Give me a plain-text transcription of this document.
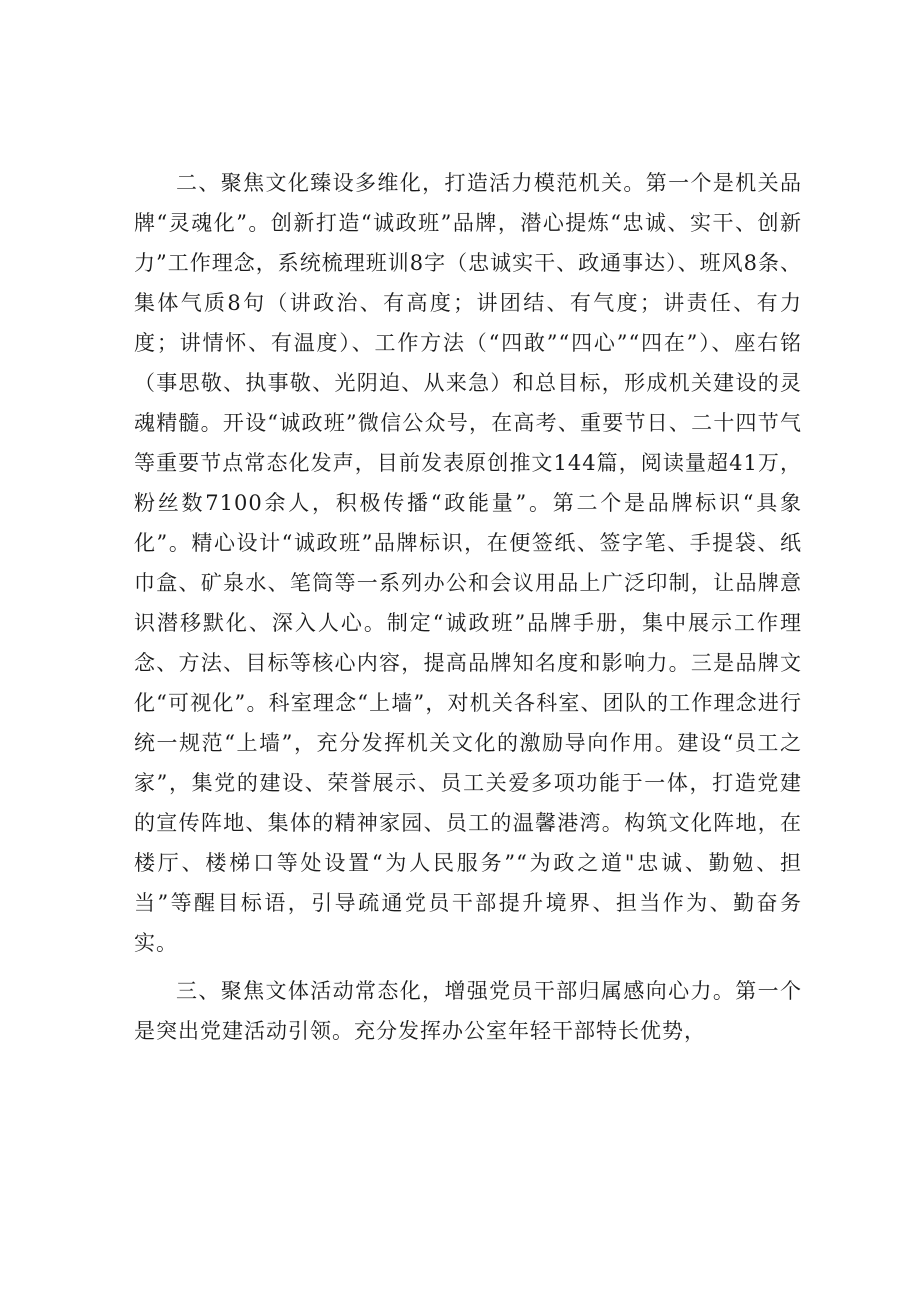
二、聚焦文化臻设多维化，打造活力模范机关。第一个是机关品牌“灵魂化”。创新打造“诚政班”品牌，潜心提炼“忠诚、实干、创新力”工作理念，系统梳理班训8字（忠诚实干、政通事达）、班风8条、集体气质8句（讲政治、有高度；讲团结、有气度；讲责任、有力度；讲情怀、有温度）、工作方法（“四敢”“四心”“四在”）、座右铭（事思敬、执事敬、光阴迫、从来急）和总目标，形成机关建设的灵魂精髓。开设“诚政班”微信公众号，在高考、重要节日、二十四节气等重要节点常态化发声，目前发表原创推文144篇，阅读量超41万，粉丝数7100余人，积极传播“政能量”。第二个是品牌标识“具象化”。精心设计“诚政班”品牌标识，在便签纸、签字笔、手提袋、纸巾盒、矿泉水、笔筒等一系列办公和会议用品上广泛印制，让品牌意识潜移默化、深入人心。制定“诚政班”品牌手册，集中展示工作理念、方法、目标等核心内容，提高品牌知名度和影响力。三是品牌文化“可视化”。科室理念“上墙”，对机关各科室、团队的工作理念进行统一规范“上墙”，充分发挥机关文化的激励导向作用。建设“员工之家”，集党的建设、荣誉展示、员工关爱多项功能于一体，打造党建的宣传阵地、集体的精神家园、员工的温馨港湾。构筑文化阵地，在楼厅、楼梯口等处设置“为人民服务”“为政之道"忠诚、勤勉、担当”等醒目标语，引导疏通党员干部提升境界、担当作为、勤奋务实。

三、聚焦文体活动常态化，增强党员干部归属感向心力。第一个是突出党建活动引领。充分发挥办公室年轻干部特长优势，
